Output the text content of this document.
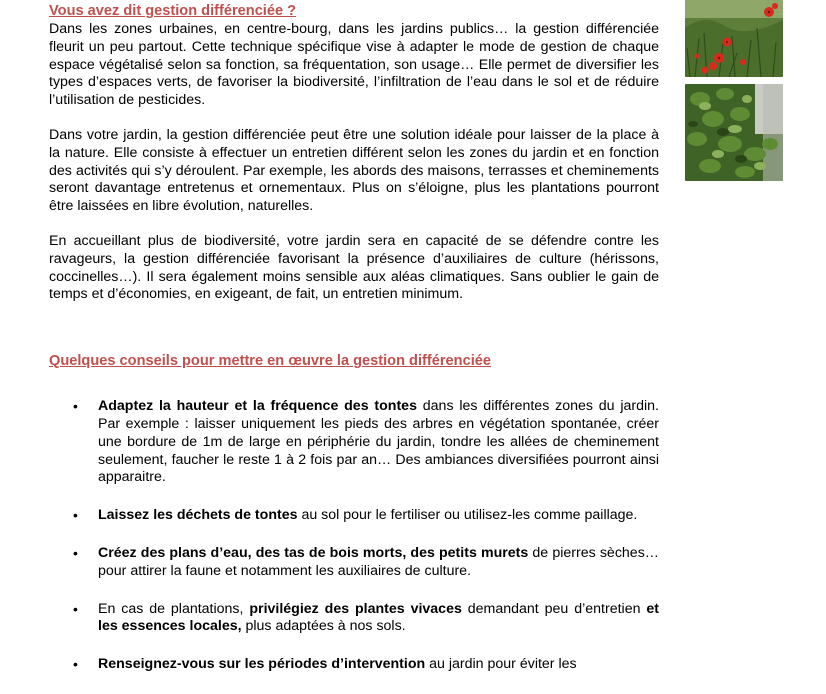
Vous avez dit gestion différenciée ?

Dans les zones urbaines, en centre-bourg, dans les jardins publics… la gestion différenciée fleurit un peu partout. Cette technique spécifique vise à adapter le mode de gestion de chaque espace végétalisé selon sa fonction, sa fréquentation, son usage… Elle permet de diversifier les types d’espaces verts, de favoriser la biodiversité, l’infiltration de l’eau dans le sol et de réduire l’utilisation de pesticides.

Dans votre jardin, la gestion différenciée peut être une solution idéale pour laisser de la place à la nature. Elle consiste à effectuer un entretien différent selon les zones du jardin et en fonction des activités qui s’y déroulent. Par exemple, les abords des maisons, terrasses et cheminements seront davantage entretenus et ornementaux. Plus on s’éloigne, plus les plantations pourront être laissées en libre évolution, naturelles.

En accueillant plus de biodiversité, votre jardin sera en capacité de se défendre contre les ravageurs, la gestion différenciée favorisant la présence d’auxiliaires de culture (hérissons, coccinelles…). Il sera également moins sensible aux aléas climatiques. Sans oublier le gain de temps et d’économies, en exigeant, de fait, un entretien minimum.

Quelques conseils pour mettre en œuvre la gestion différenciée
• Adaptez la hauteur et la fréquence des tontes dans les différentes zones du jardin. Par exemple : laisser uniquement les pieds des arbres en végétation spontanée, créer une bordure de 1m de large en périphérie du jardin, tondre les allées de cheminement seulement, faucher le reste 1 à 2 fois par an… Des ambiances diversifiées pourront ainsi apparaitre.
• Laissez les déchets de tontes au sol pour le fertiliser ou utilisez-les comme paillage.
• Créez des plans d’eau, des tas de bois morts, des petits murets de pierres sèches… pour attirer la faune et notamment les auxiliaires de culture.
• En cas de plantations, privilégiez des plantes vivaces demandant peu d’entretien et les essences locales, plus adaptées à nos sols.
• Renseignez-vous sur les périodes d’intervention au jardin pour éviter les
